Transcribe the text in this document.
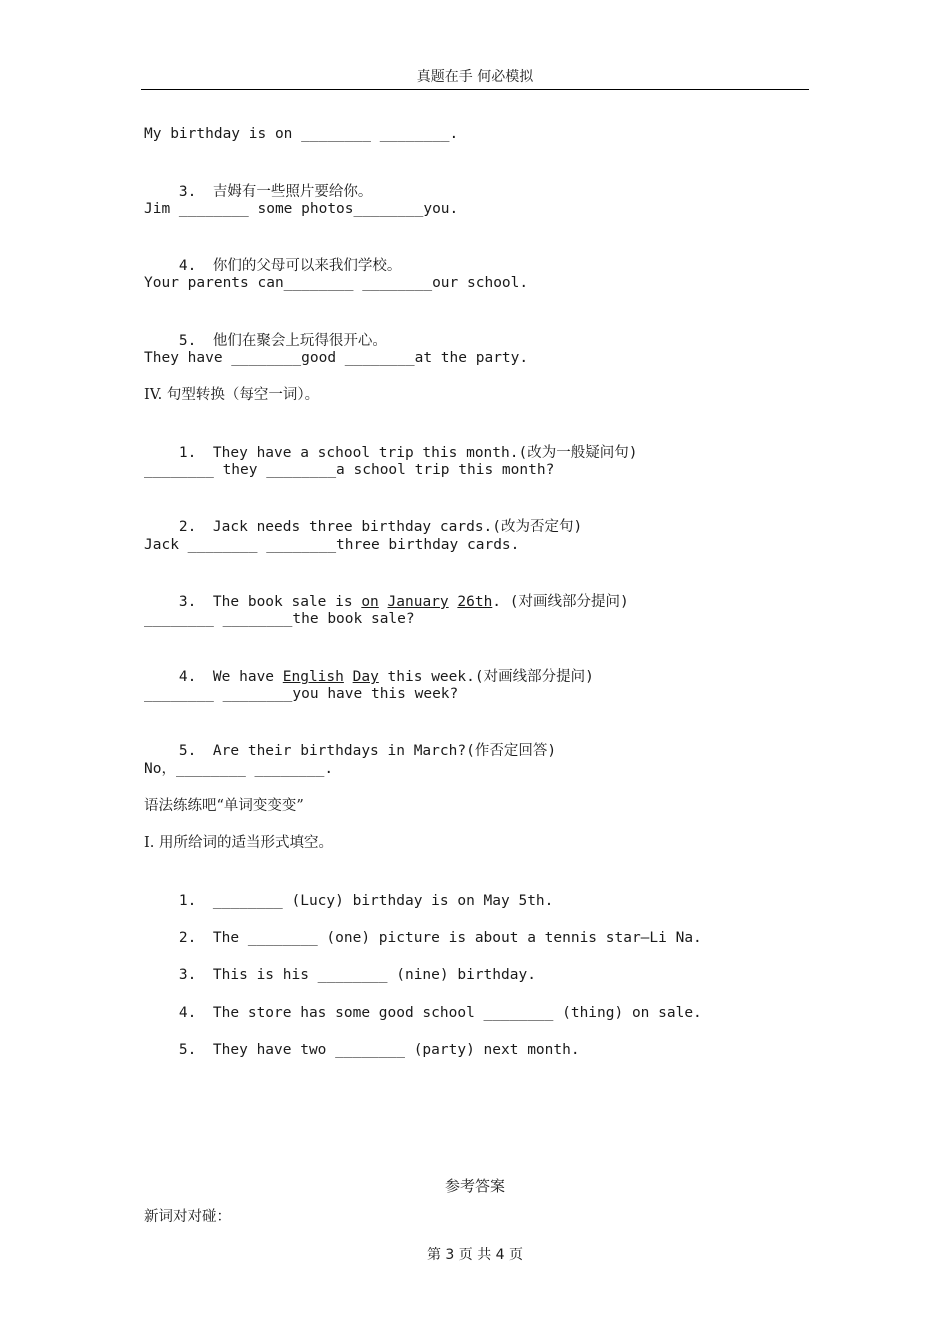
真题在手 何必模拟
My birthday is on ________ ________.

3. 吉姆有一些照片要给你。

Jim ________ some photos________you.

4. 你们的父母可以来我们学校。

Your parents can________ ________our school.

5. 他们在聚会上玩得很开心。

They have ________good ________at the party.
IV. 句型转换（每空一词）。

1. They have a school trip this month.(改为一般疑问句)

________ they ________a school trip this month?

2. Jack needs three birthday cards.(改为否定句)

Jack ________ ________three birthday cards.

3. The book sale is on January 26th. (对画线部分提问)

________ ________the book sale?

4. We have English Day this week.(对画线部分提问)

________ ________you have this week?

5. Are their birthdays in March?(作否定回答)

No，________ ________.
语法练练吧“单词变变变”
I. 用所给词的适当形式填空。

1. ________ (Lucy) birthday is on May 5th.

2. The ________ (one) picture is about a tennis star—Li Na.

3. This is his ________ (nine) birthday.

4. The store has some good school ________ (thing) on sale.

5. They have two ________ (party) next month.

参考答案
新词对对碰：
第 3 页 共 4 页
